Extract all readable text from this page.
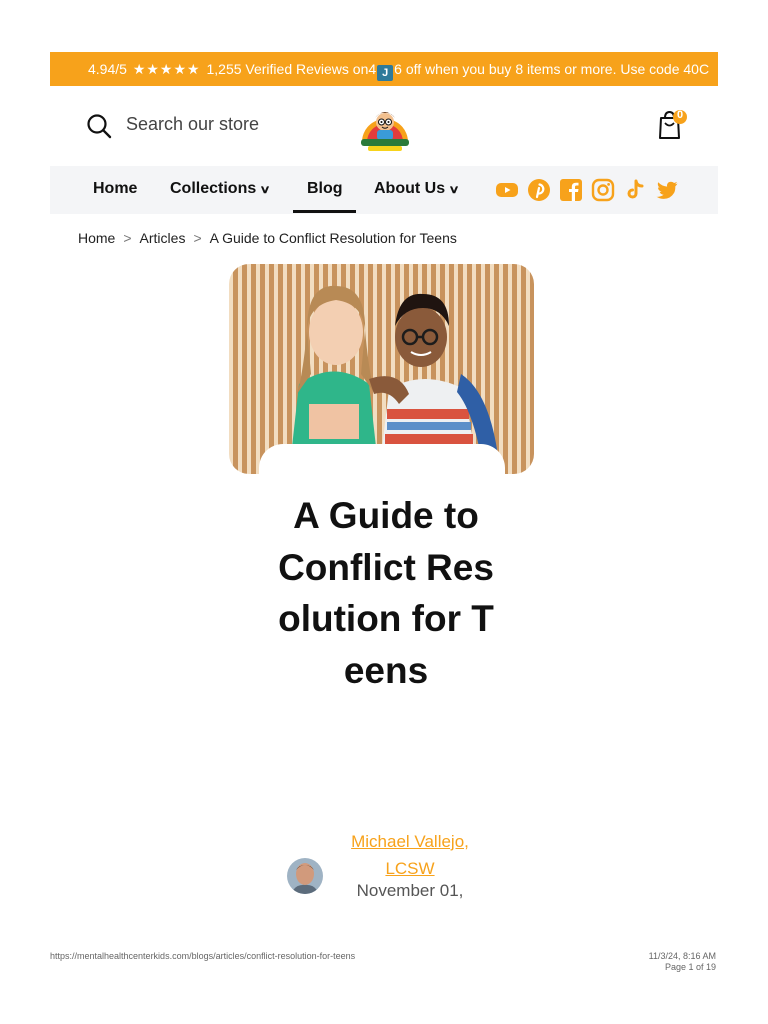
4.94/5 ★★★★★ 1,255 Verified Reviews on4 J 6 off when you buy 8 items or more. Use code 40C
Search our store	0
Home Collections ∨ Blog About Us ∨
Home > Articles > A Guide to Conflict Resolution for Teens
A Guide to Conflict Resolution for Teens
Michael Vallejo, LCSW
November 01,
https://mentalhealthcenterkids.com/blogs/articles/conflict-resolution-for-teens	11/3/24, 8:16 AM
Page 1 of 19
